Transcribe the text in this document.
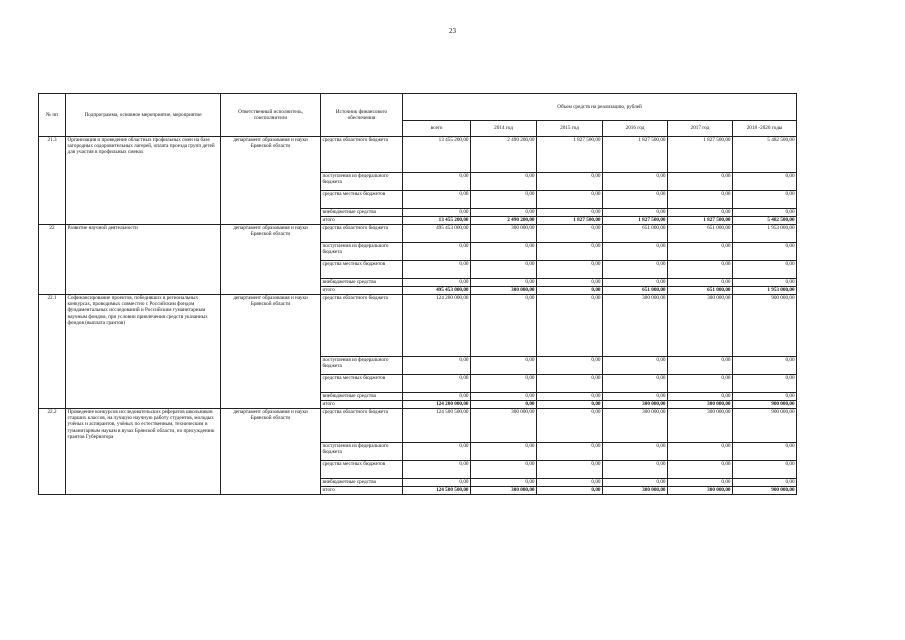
23
№ пп	Подпрограмма, основное мероприятие, мероприятие	Ответственный исполнитель, соисполнители	Источник финансового обеспечения	Объем средств на реализацию, рублей					
				всего	2014 год	2015 год	2016 год	2017 год	2018 -2020 годы
21.3	Организация и проведение областных профильных смен на базе загородных оздоровительных лагерей, оплата проезда групп детей для участия в профильных сменах	департамент образования и науки Брянской области	средства областного бюджета	13 455 200,00	2 490 200,00	1 827 500,00	1 827 500,00	1 827 500,00	5 482 500,00
			поступления из федерального бюджета	0,00	0,00	0,00	0,00	0,00	0,00
			средства местных бюджетов	0,00	0,00	0,00	0,00	0,00	0,00
			внебюджетные средства	0,00	0,00	0,00	0,00	0,00	0,00
			итого	13 455 200,00	2 490 200,00	1 827 500,00	1 827 500,00	1 827 500,00	5 482 500,00
22	Развитие научной деятельности	департамент образования и науки Брянской области	средства областного бюджета	495 453 000,00	300 000,00	0,00	651 000,00	651 000,00	1 953 000,00
			поступления из федерального бюджета	0,00	0,00	0,00	0,00	0,00	0,00
			средства местных бюджетов	0,00	0,00	0,00	0,00	0,00	0,00
			внебюджетные средства	0,00	0,00	0,00	0,00	0,00	0,00
			итого	495 453 000,00	300 000,00	0,00	651 000,00	651 000,00	1 953 000,00
22.1	Софинансирование проектов, победивших в региональных конкурсах, проводимых совместно с Российским фондом фундаментальных исследований и Российским гуманитарным научным фондом, при условии привлечения средств указанных фондов (выплата грантов)	департамент образования и науки Брянской области	средства областного бюджета	124 200 000,00	0,00	0,00	300 000,00	300 000,00	900 000,00
			поступления из федерального бюджета	0,00	0,00	0,00	0,00	0,00	0,00
			средства местных бюджетов	0,00	0,00	0,00	0,00	0,00	0,00
			внебюджетные средства	0,00	0,00	0,00	0,00	0,00	0,00
			итого	124 200 000,00	0,00	0,00	300 000,00	300 000,00	900 000,00
22.2	Проведение конкурсов исследовательских рефератов школьников старших классов, на лучшую научную работу студентов, молодых учёных и аспирантов, учёных по естественным, техническим и гуманитарным наукам в вузах Брянской области, по присуждению грантов Губернатора	департамент образования и науки Брянской области	средства областного бюджета	124 500 500,00	300 000,00	0,00	300 000,00	300 000,00	900 000,00
			поступления из федерального бюджета	0,00	0,00	0,00	0,00	0,00	0,00
			средства местных бюджетов	0,00	0,00	0,00	0,00	0,00	0,00
			внебюджетные средства	0,00	0,00	0,00	0,00	0,00	0,00
			итого	124 500 500,00	300 000,00	0,00	300 000,00	300 000,00	900 000,00
